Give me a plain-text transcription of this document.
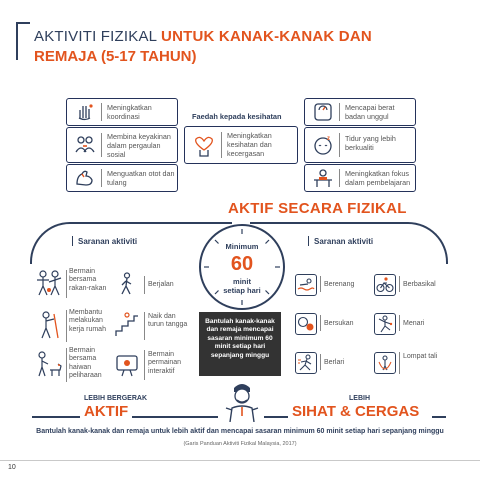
AKTIVITI FIZIKAL UNTUK KANAK-KANAK DAN
REMAJA (5-17 TAHUN)
Meningkatkan koordinasi
Membina keyakinan dalam pergaulan sosial
Menguatkan otot dan tulang
Faedah kepada kesihatan
Meningkatkan kesihatan dan kecergasan
Mencapai berat badan unggul
z Tidur yang lebih berkualiti
Meningkatkan fokus dalam pembelajaran
AKTIF SECARA FIZIKAL
Saranan aktiviti	Saranan aktiviti
Minimum
60
minit
setiap hari
Bantulah kanak-kanak dan remaja mencapai sasaran minimum 60 minit setiap hari sepanjang minggu
Bermain bersama rakan-rakan
Berjalan
Membantu melakukan kerja rumah
Naik dan turun tangga
Bermain bersama haiwan peliharaan
Bermain permainan interaktif
Berenang	Berbasikal
Bersukan	Menari
Berlari
Lompat tali
LEBIH BERGERAK
AKTIF
LEBIH
SIHAT & CERGAS
Bantulah kanak-kanak dan remaja untuk lebih aktif dan mencapai sasaran minimum 60 minit setiap hari sepanjang minggu
(Garis Panduan Aktiviti Fizikal Malaysia, 2017)
10
